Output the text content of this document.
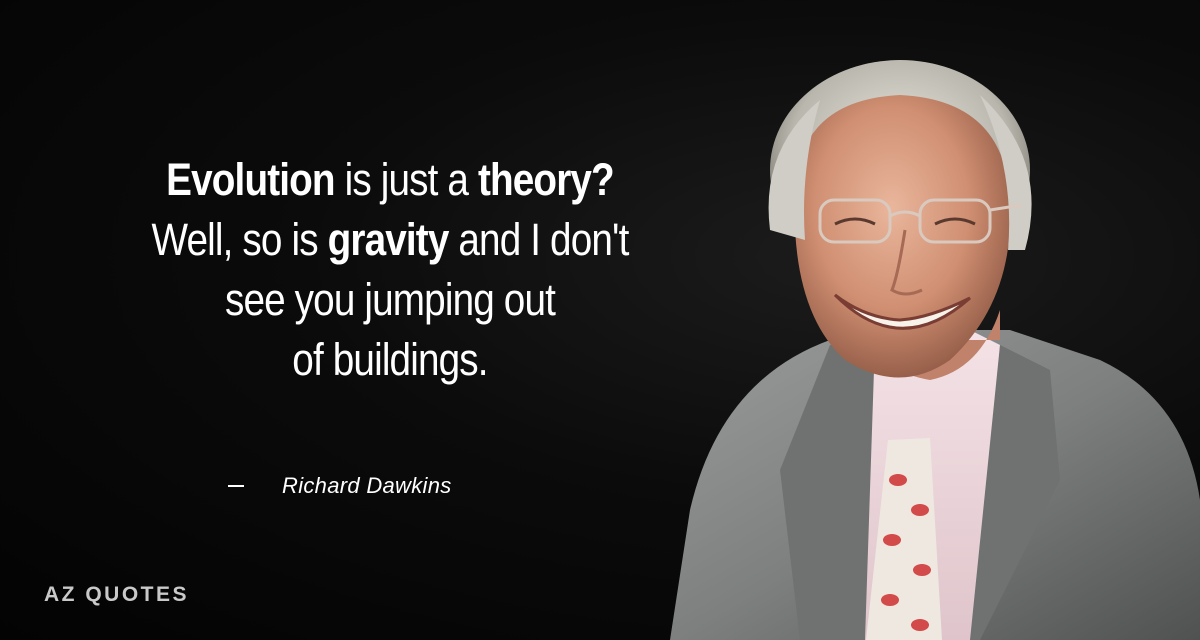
Evolution is just a theory?
Well, so is gravity and I don't
see you jumping out
of buildings.
Richard Dawkins
AZ QUOTES
